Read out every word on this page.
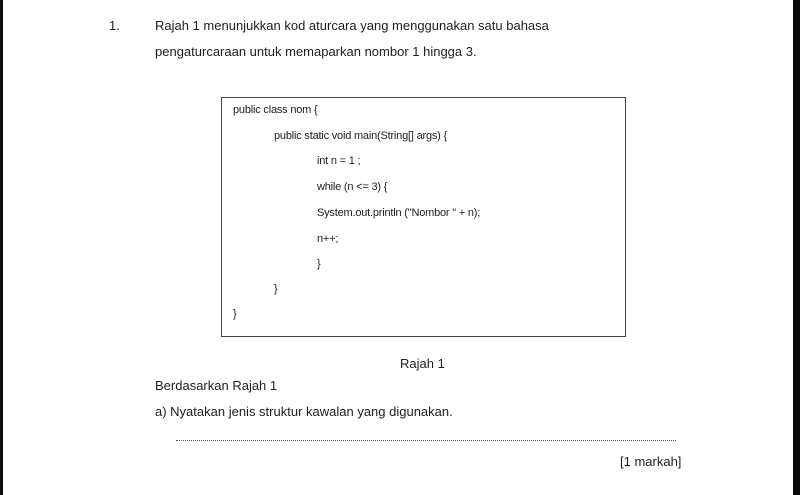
1.	Rajah 1 menunjukkan kod aturcara yang menggunakan satu bahasa
pengaturcaraan untuk memaparkan nombor 1 hingga 3.
public class nom {
public static void main(String[] args) {
int n = 1 ;
while (n <= 3) {
System.out.println ("Nombor " + n);
n++;
}
}
}
Rajah 1
Berdasarkan Rajah 1
a) Nyatakan jenis struktur kawalan yang digunakan.
[1 markah]
